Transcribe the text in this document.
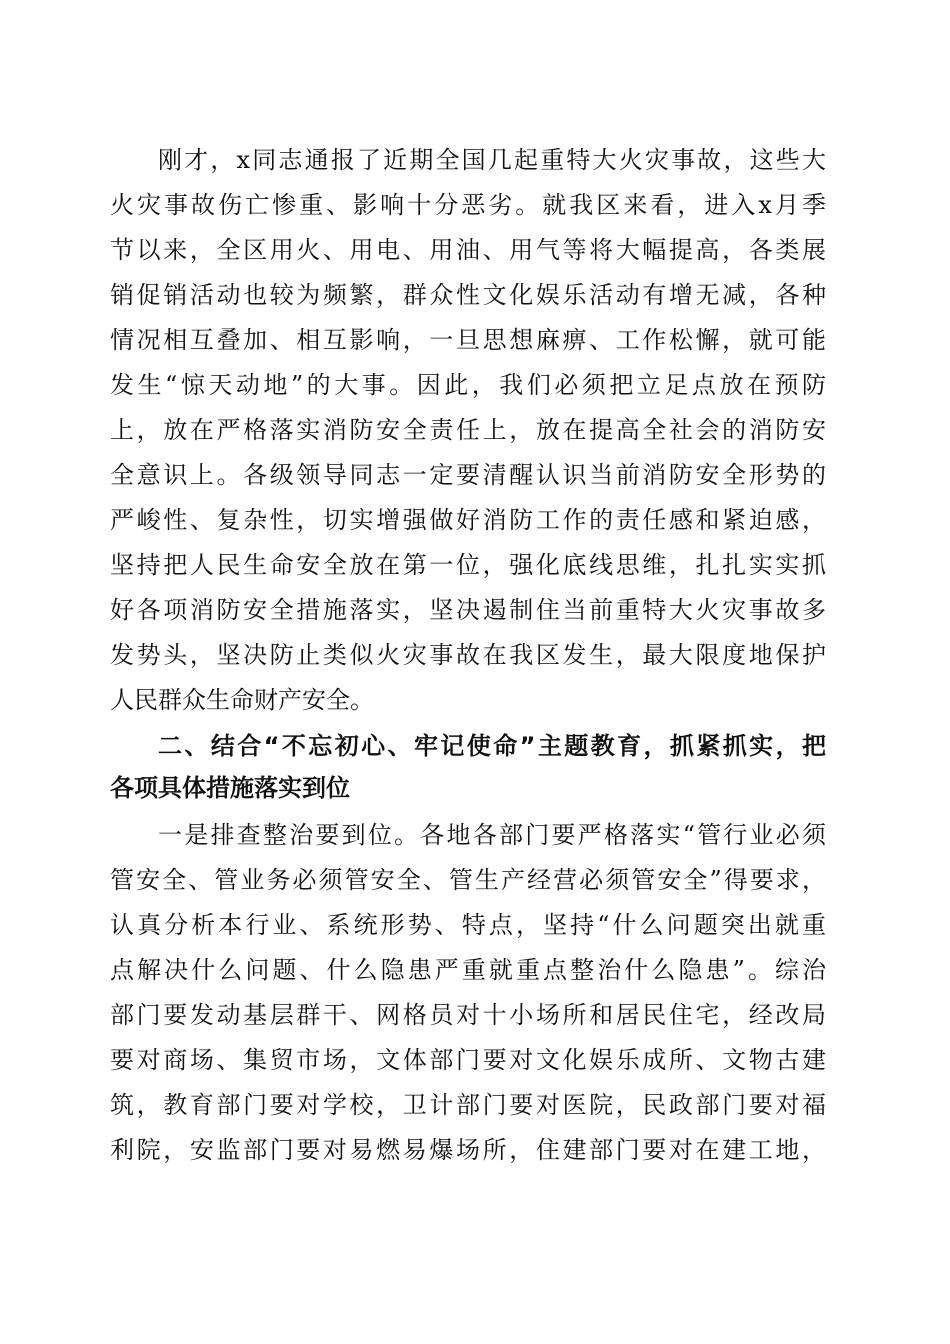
刚才，x同志通报了近期全国几起重特大火灾事故，这些大
火灾事故伤亡惨重、影响十分恶劣。就我区来看，进入x月季
节以来，全区用火、用电、用油、用气等将大幅提高，各类展
销促销活动也较为频繁，群众性文化娱乐活动有增无减，各种
情况相互叠加、相互影响，一旦思想麻痹、工作松懈，就可能
发生“惊天动地”的大事。因此，我们必须把立足点放在预防
上，放在严格落实消防安全责任上，放在提高全社会的消防安
全意识上。各级领导同志一定要清醒认识当前消防安全形势的
严峻性、复杂性，切实增强做好消防工作的责任感和紧迫感，
坚持把人民生命安全放在第一位，强化底线思维，扎扎实实抓
好各项消防安全措施落实，坚决遏制住当前重特大火灾事故多
发势头，坚决防止类似火灾事故在我区发生，最大限度地保护
人民群众生命财产安全。
二、结合“不忘初心、牢记使命”主题教育，抓紧抓实，把
各项具体措施落实到位
一是排查整治要到位。各地各部门要严格落实“管行业必须
管安全、管业务必须管安全、管生产经营必须管安全”得要求，
认真分析本行业、系统形势、特点，坚持“什么问题突出就重
点解决什么问题、什么隐患严重就重点整治什么隐患”。综治
部门要发动基层群干、网格员对十小场所和居民住宅，经改局
要对商场、集贸市场，文体部门要对文化娱乐成所、文物古建
筑，教育部门要对学校，卫计部门要对医院，民政部门要对福
利院，安监部门要对易燃易爆场所，住建部门要对在建工地，
